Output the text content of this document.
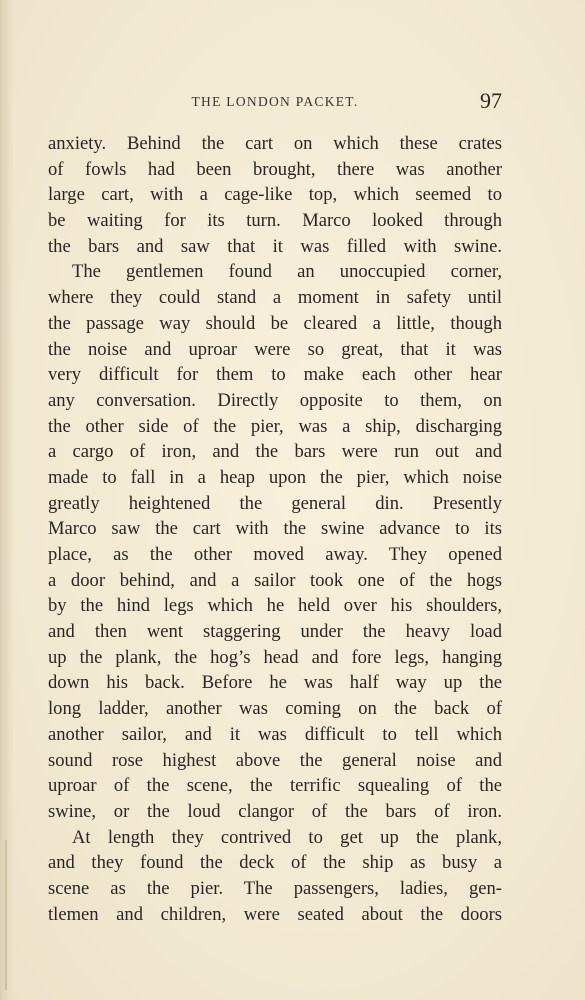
THE LONDON PACKET.	97
anxiety. Behind the cart on which these crates
of fowls had been brought, there was another
large cart, with a cage-like top, which seemed to
be waiting for its turn. Marco looked through
the bars and saw that it was filled with swine.
The gentlemen found an unoccupied corner,
where they could stand a moment in safety until
the passage way should be cleared a little, though
the noise and uproar were so great, that it was
very difficult for them to make each other hear
any conversation. Directly opposite to them, on
the other side of the pier, was a ship, discharging
a cargo of iron, and the bars were run out and
made to fall in a heap upon the pier, which noise
greatly heightened the general din. Presently
Marco saw the cart with the swine advance to its
place, as the other moved away. They opened
a door behind, and a sailor took one of the hogs
by the hind legs which he held over his shoulders,
and then went staggering under the heavy load
up the plank, the hog’s head and fore legs, hanging
down his back. Before he was half way up the
long ladder, another was coming on the back of
another sailor, and it was difficult to tell which
sound rose highest above the general noise and
uproar of the scene, the terrific squealing of the
swine, or the loud clangor of the bars of iron.
At length they contrived to get up the plank,
and they found the deck of the ship as busy a
scene as the pier. The passengers, ladies, gen-
tlemen and children, were seated about the doors
